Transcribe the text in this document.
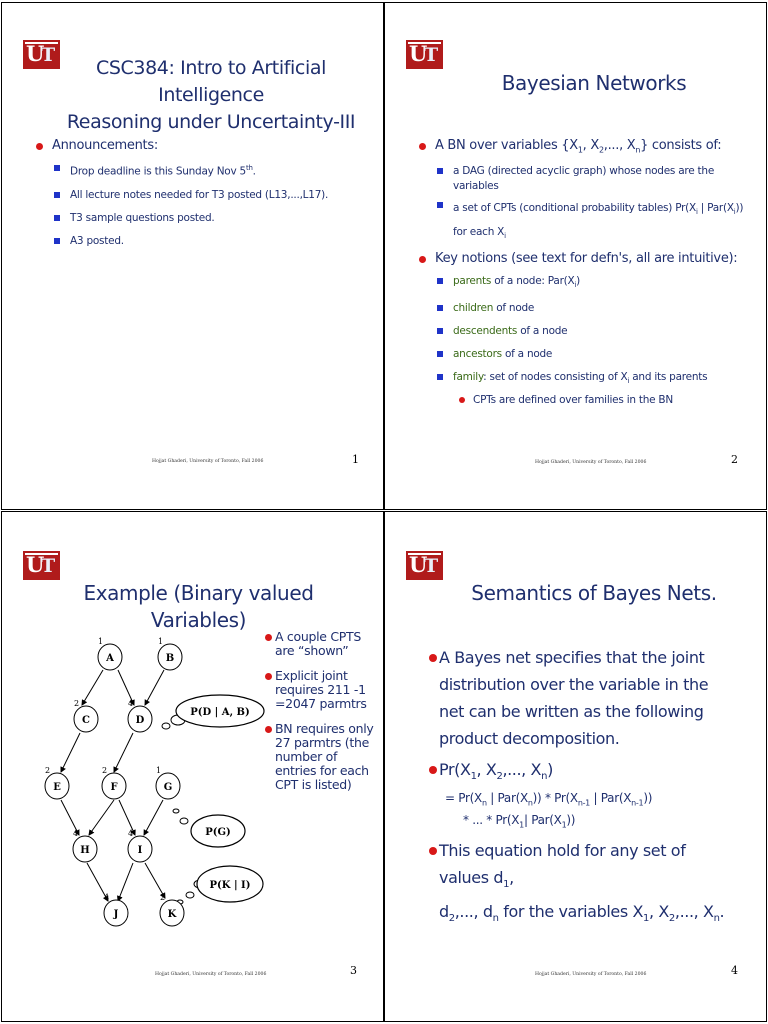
U
T
CSC384: Intro to Artificial Intelligence
Reasoning under Uncertainty-III
Announcements:
Drop deadline is this Sunday Nov 5th.
All lecture notes needed for T3 posted (L13,...,L17).
T3 sample questions posted.
A3 posted.
Hojjat Ghaderi, University of Toronto, Fall 2006	1
U
T
Bayesian Networks
A BN over variables {$X_1$, $X_2$,..., $X_n$} consists of:
a DAG (directed acyclic graph) whose nodes are the variables
a set of CPTs (conditional probability tables) $Pr(X_i$ | $Par(X_i)$)
for each $X_i$
Key notions (see text for defn's, all are intuitive):
parents of a node: $Par(X_i)$
children of node
descendents of a node
ancestors of a node
family: set of nodes consisting of $X_i$ and its parents
CPTs are defined over families in the BN
Hojjat Ghaderi, University of Toronto, Fall 2006	2
U
T
Example (Binary valued Variables)
A
1
B
1
C
2
D
4
E
2
F
2
G
1
H
4
I
4
J
4
K
2
P(D | A, B)
P(G)
P(K | I)
A couple CPTS are “shown”
Explicit joint requires 211 -1 =2047 parmtrs
BN requires only 27 parmtrs (the number of entries for each CPT is listed)
Hojjat Ghaderi, University of Toronto, Fall 2006	3
U
T
Semantics of Bayes Nets.
A Bayes net specifies that the joint distribution over the variable in the net can be written as the following product decomposition.
$Pr(X_1$, $X_2$,..., $X_n$)
= $Pr(X_n$ | $Par(X_n)) * Pr(X_{n-1}$ | $Par(X_{n-1})$)
* ... * $Pr(X_1|$ $Par(X_1)$)
This equation hold for any set of values $d_1$,
$d_2$,..., $d_n$ for the variables $X_1$, $X_2$,..., $X_n$.
Hojjat Ghaderi, University of Toronto, Fall 2006	4
